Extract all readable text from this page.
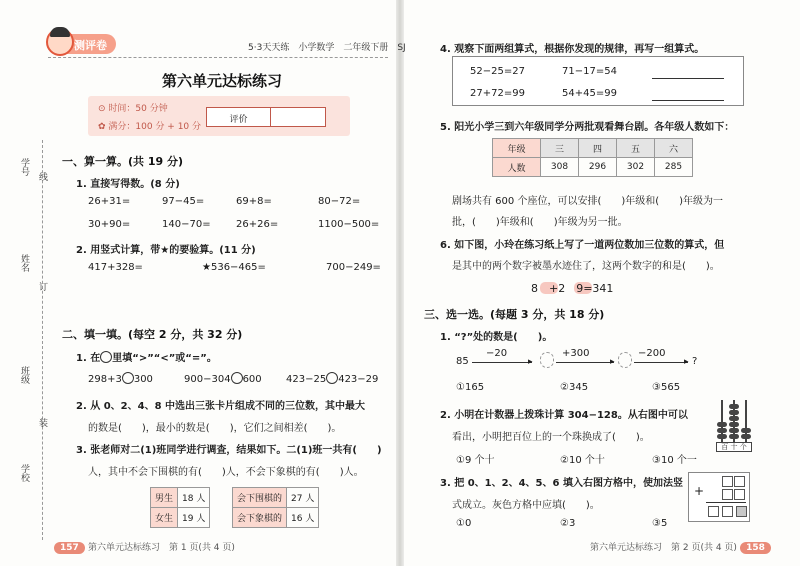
测评卷	5·3天天练　小学数学　二年级下册　SJ
第六单元达标练习
⊙ 时间：50 分钟
✿ 满分：100 分 + 10 分
评价
学号
线
姓名
订
班级
装
学校
一、算一算。(共 19 分)
1. 直接写得数。(8 分)
26+31=	97−45=	69+8=	80−72=
30+90=	140−70=	26+26=	1100−500=
2. 用竖式计算，带★的要验算。(11 分)
417+328=	★536−465=	700−249=
二、填一填。(每空 2 分，共 32 分)
1. 在 里填“>”“<”或“=”。
298+3 300	900−304 600 423−25 423−29
2. 从 0、2、4、8 中选出三张卡片组成不同的三位数，其中最大
的数是(　　)，最小的数是(　　)，它们之间相差(　　)。
3. 张老师对二(1)班同学进行调查，结果如下。二(1)班一共有(　　)
人，其中不会下围棋的有(　　)人，不会下象棋的有(　　)人。
男生	18 人
女生	19 人
会下围棋的	27 人
会下象棋的	16 人
157 第六单元达标练习　第 1 页(共 4 页)
4. 观察下面两组算式，根据你发现的规律，再写一组算式。
52−25=27	71−17=54
27+72=99	54+45=99
5. 阳光小学三到六年级同学分两批观看舞台剧。各年级人数如下：
年级	三	四	五	六
人数	308	296	302	285
剧场共有 600 个座位，可以安排(　　)年级和(　　)年级为一
批，(　　)年级和(　　)年级为另一批。
6. 如下图，小玲在练习纸上写了一道两位数加三位数的算式，但
是其中的两个数字被墨水迹住了，这两个数字的和是(　　)。
8　+2　9=341
三、选一选。(每题 3 分，共 18 分)
1. “?”处的数是(　　)。
85	▸
−20
▸
+300
▸
−200
?
①165	②345	③565
2. 小明在计数器上拨珠计算 304−128。从右图中可以
看出，小明把百位上的一个珠换成了(　　)。
①9 个十	②10 个十	③10 个一
百 十 个
3. 把 0、1、2、4、5、6 填入右图方格中，使加法竖
式成立。灰色方格中应填(　　)。
①0	②3	③5
+
第六单元达标练习　第 2 页(共 4 页) 158
